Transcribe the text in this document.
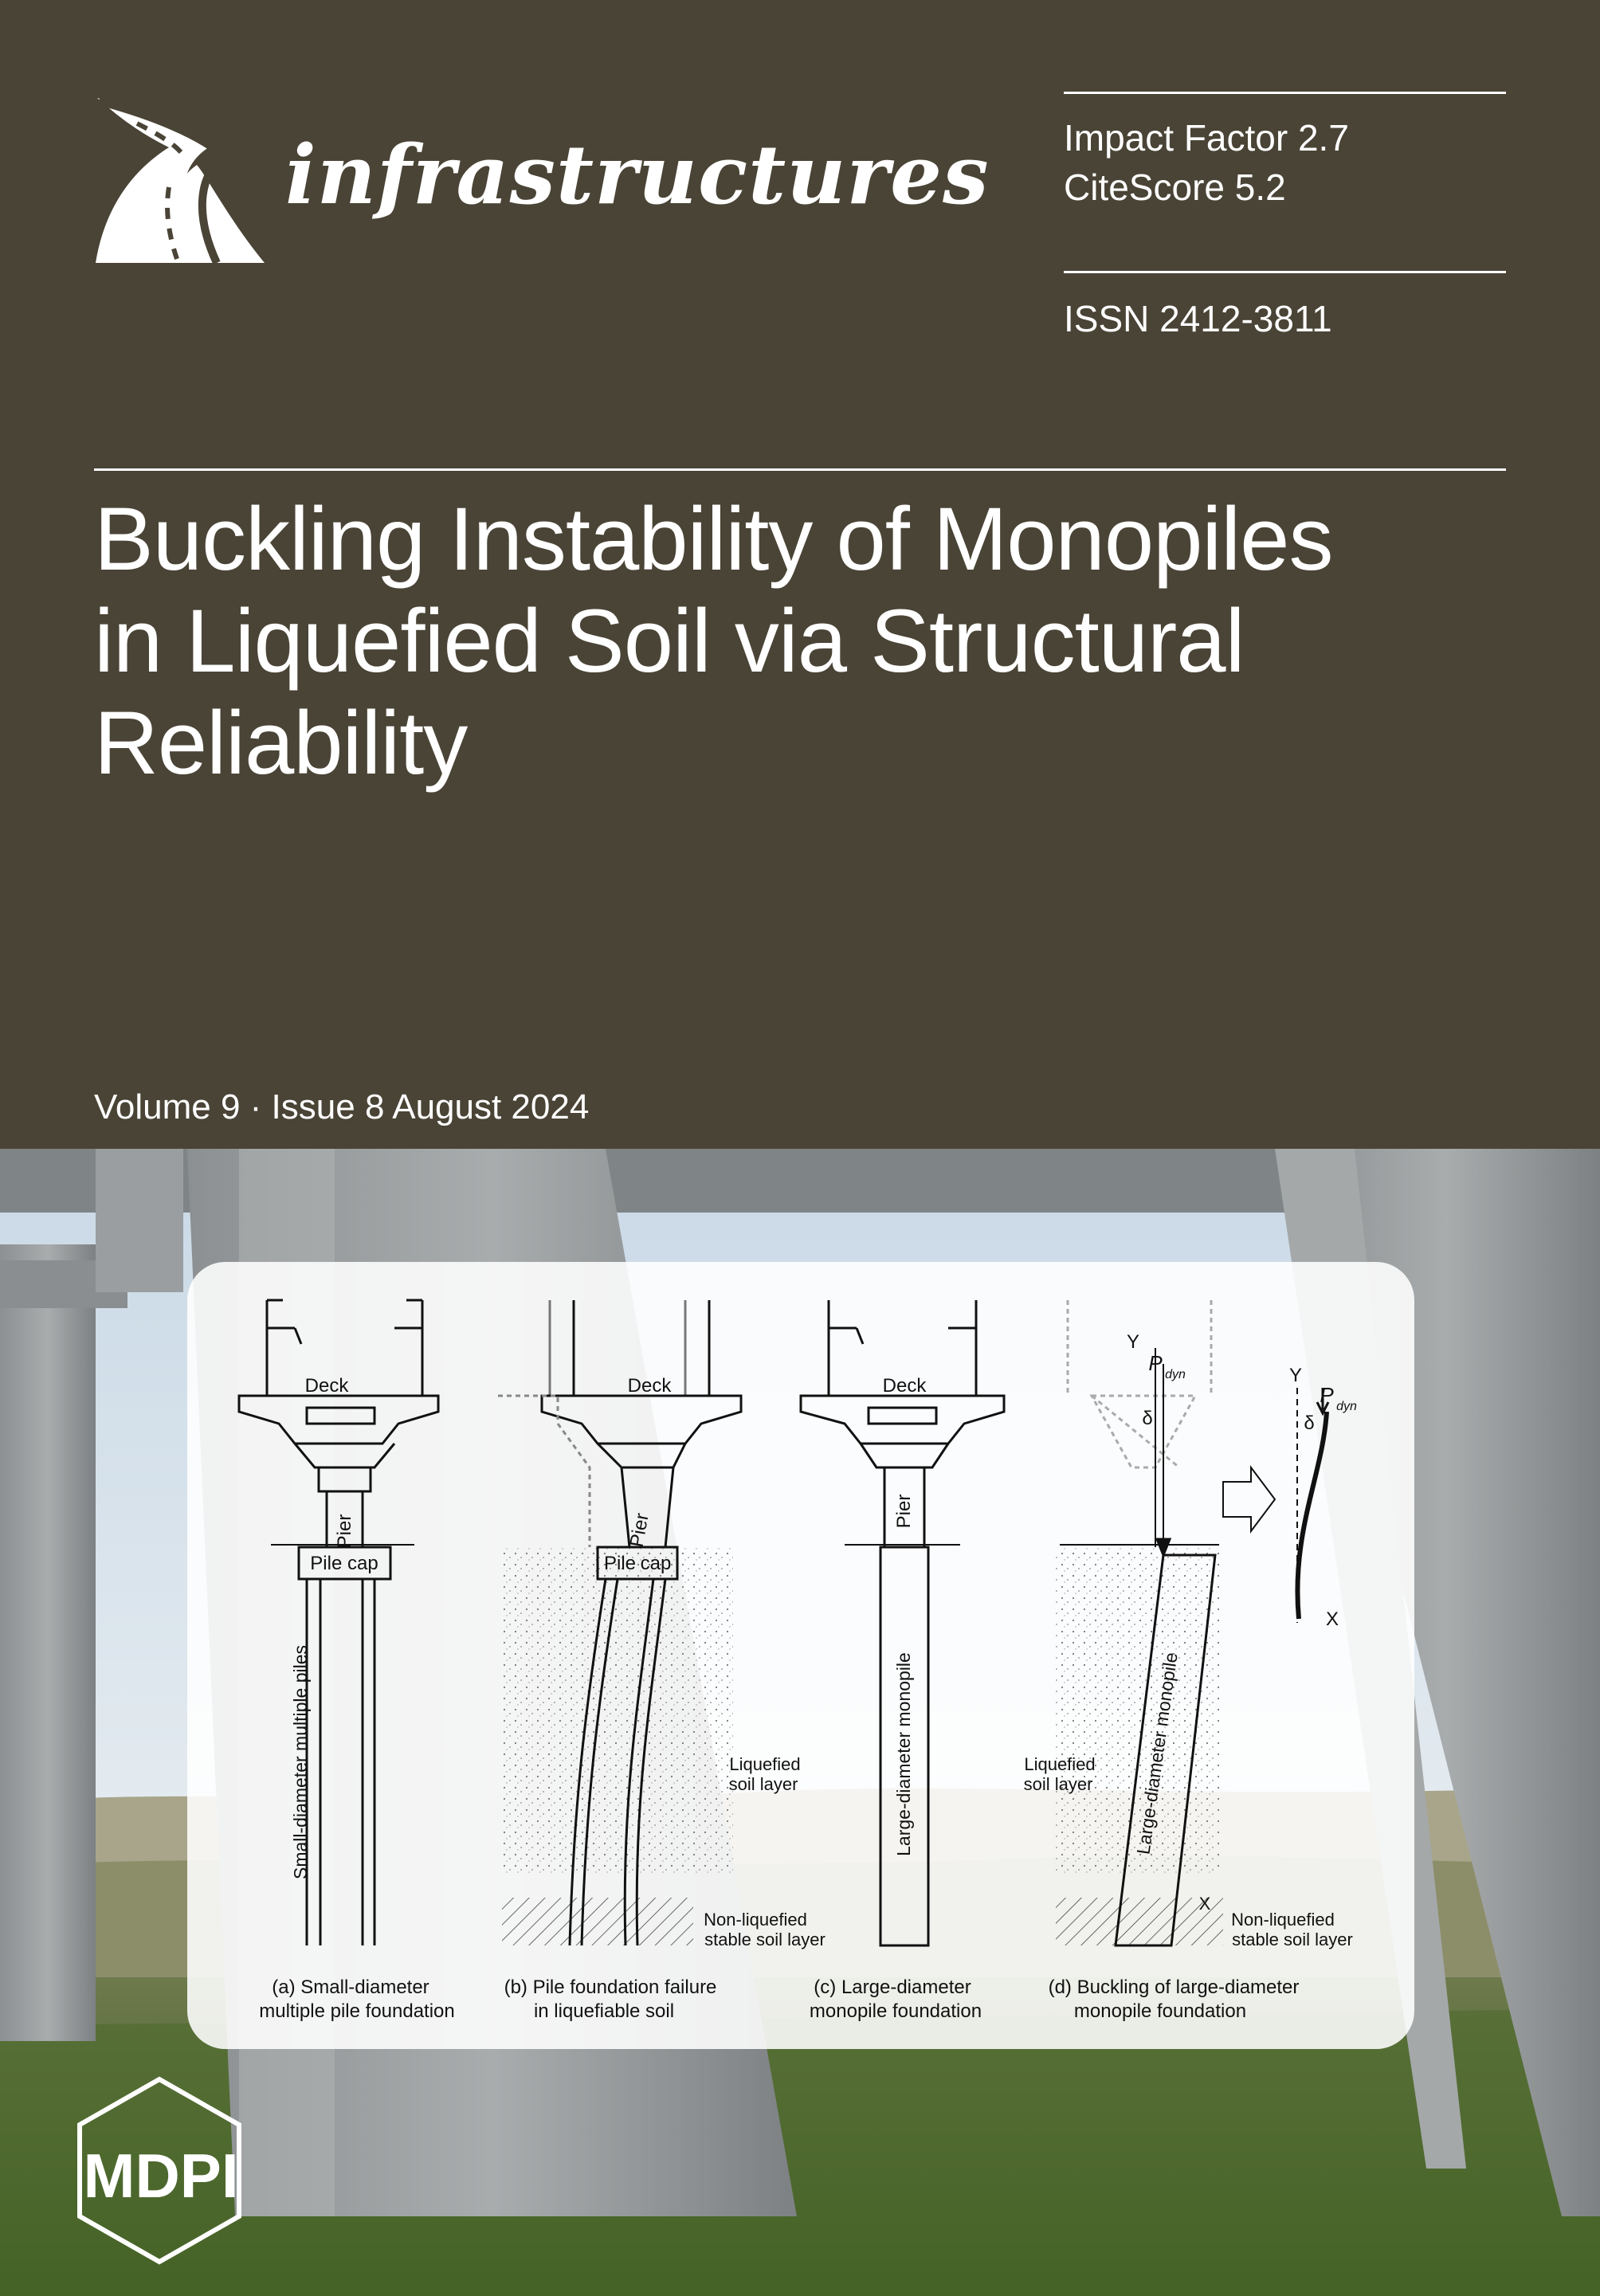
infrastructures Impact Factor 2.7
CiteScore 5.2
ISSN 2412-3811
Buckling Instability of Monopiles
in Liquefied Soil via Structural
Reliability
Volume 9 · Issue 8 August 2024
Deck
Pier
Pile cap
Small-diameter multiple piles
Deck
Pier
Pile cap
Liquefied
soil layer
Non-liquefied
stable soil layer
Deck
Pier
Large-diameter monopile
Y
P dyn
δ
Large-diameter monopile
Liquefied
soil layer
X
Non-liquefied
stable soil layer
Y
P dyn
δ
X
(a) Small-diameter
multiple pile foundation
(b) Pile foundation failure
in liquefiable soil
(c) Large-diameter
monopile foundation
(d) Buckling of large-diameter
monopile foundation
MDPI
